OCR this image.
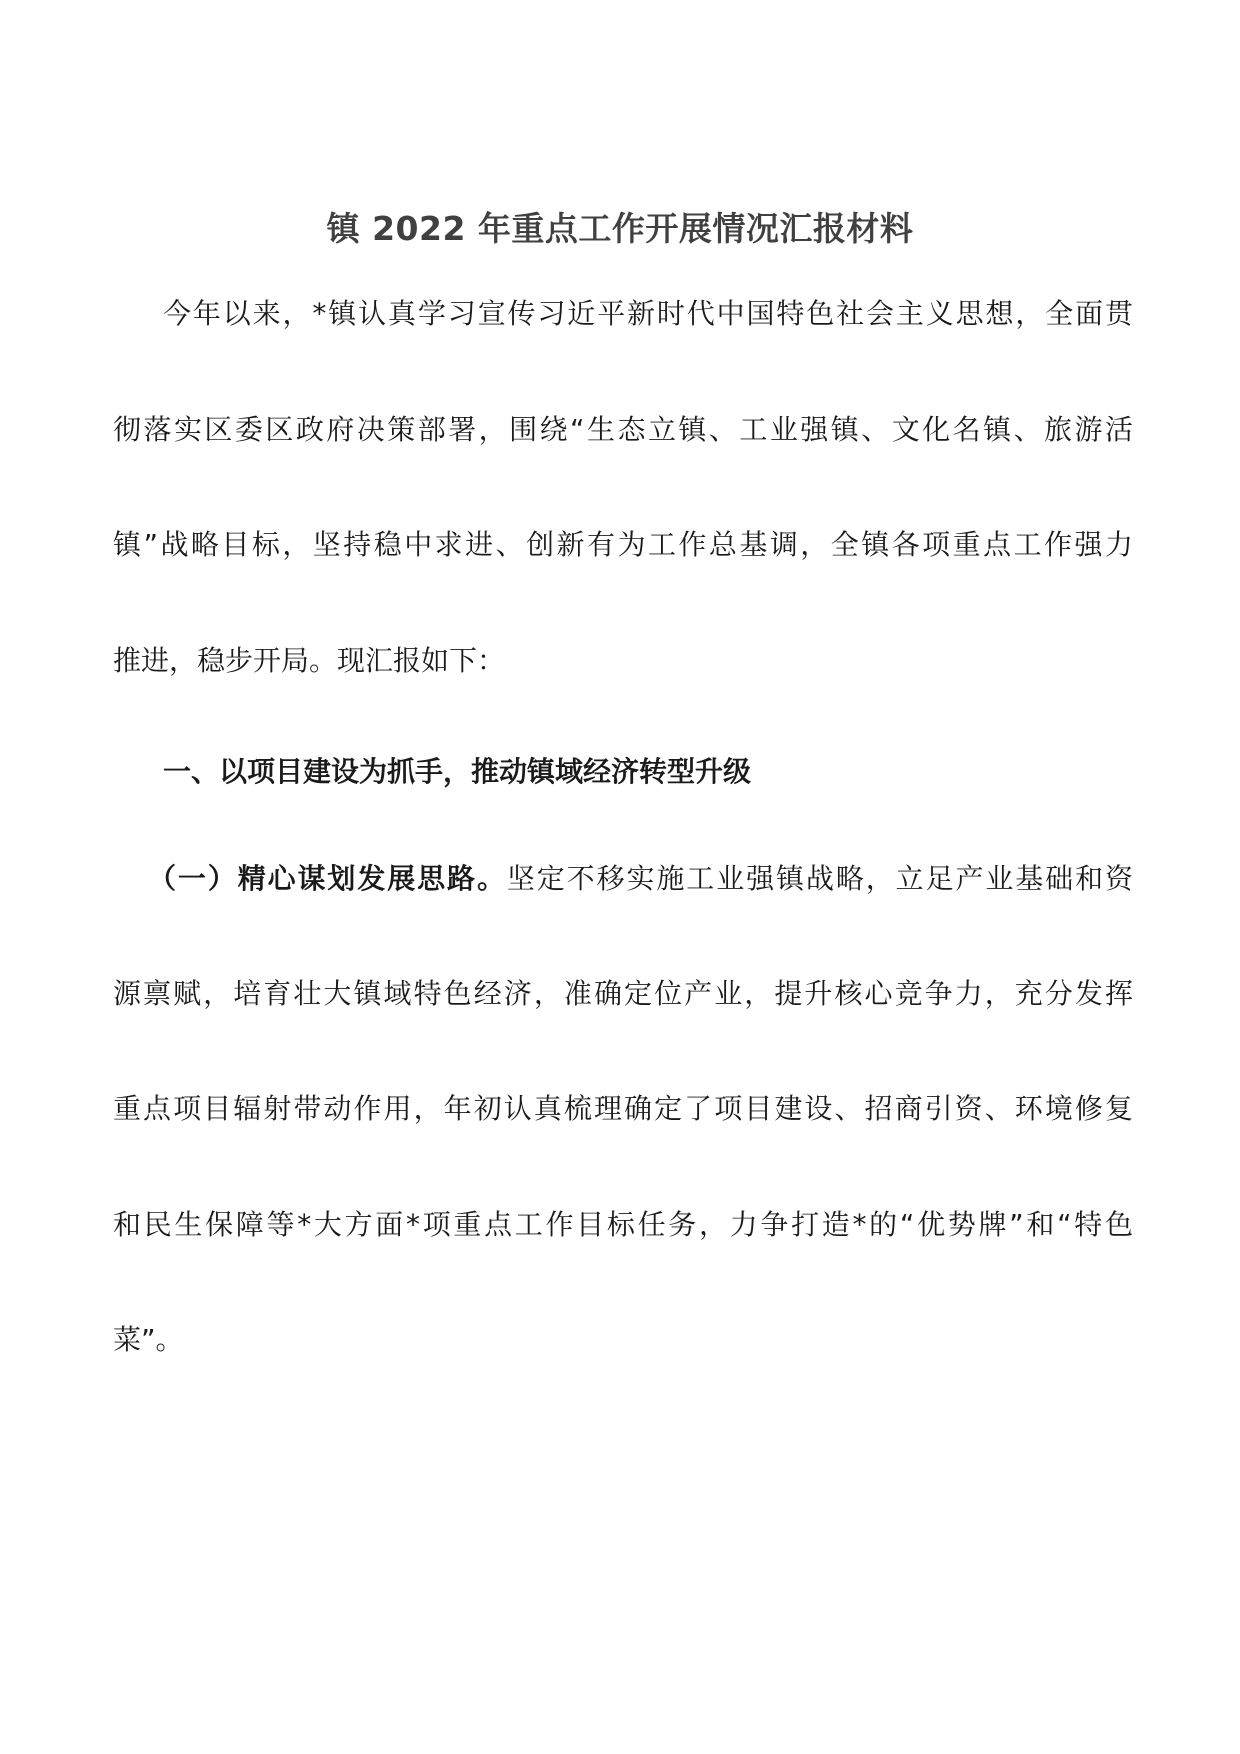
镇 2022 年重点工作开展情况汇报材料
今年以来，*镇认真学习宣传习近平新时代中国特色社会主义思想，全面贯
彻落实区委区政府决策部署，围绕“生态立镇、工业强镇、文化名镇、旅游活
镇”战略目标，坚持稳中求进、创新有为工作总基调，全镇各项重点工作强力
推进，稳步开局。现汇报如下：
一、以项目建设为抓手，推动镇域经济转型升级
（一）精心谋划发展思路。坚定不移实施工业强镇战略，立足产业基础和资
源禀赋，培育壮大镇域特色经济，准确定位产业，提升核心竞争力，充分发挥
重点项目辐射带动作用，年初认真梳理确定了项目建设、招商引资、环境修复
和民生保障等*大方面*项重点工作目标任务，力争打造*的“优势牌”和“特色
菜”。
